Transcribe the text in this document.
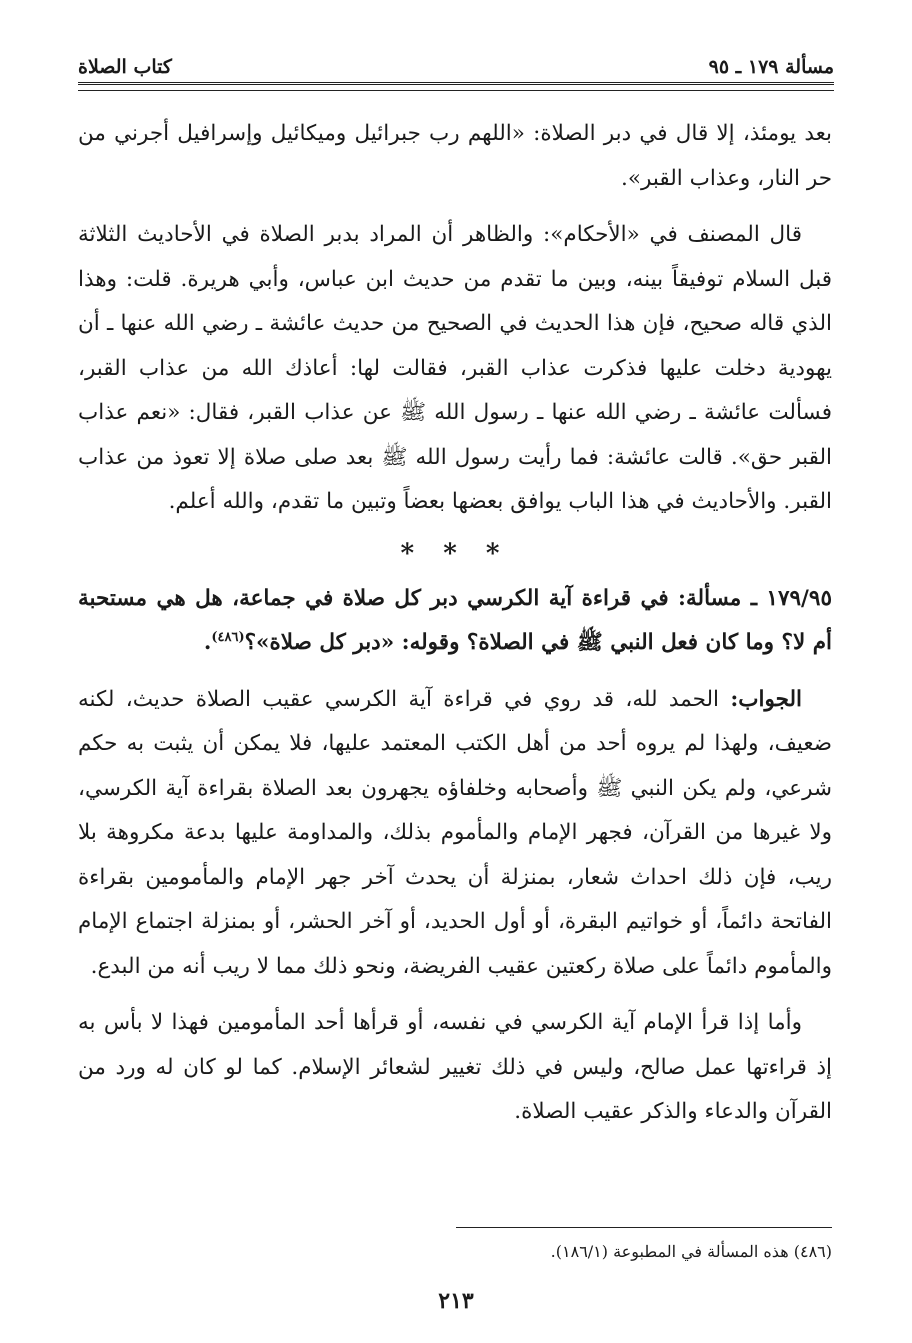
مسألة ١٧٩ ـ ٩٥
كتاب الصلاة

بعد يومئذ، إلا قال في دبر الصلاة: «اللهم رب جبرائيل وميكائيل وإسرافيل أجرني من حر النار، وعذاب القبر».

قال المصنف في «الأحكام»: والظاهر أن المراد بدبر الصلاة في الأحاديث الثلاثة قبل السلام توفيقاً بينه، وبين ما تقدم من حديث ابن عباس، وأبي هريرة. قلت: وهذا الذي قاله صحيح، فإن هذا الحديث في الصحيح من حديث عائشة ـ رضي الله عنها ـ أن يهودية دخلت عليها فذكرت عذاب القبر، فقالت لها: أعاذك الله من عذاب القبر، فسألت عائشة ـ رضي الله عنها ـ رسول الله ﷺ عن عذاب القبر، فقال: «نعم عذاب القبر حق». قالت عائشة: فما رأيت رسول الله ﷺ بعد صلى صلاة إلا تعوذ من عذاب القبر. والأحاديث في هذا الباب يوافق بعضها بعضاً وتبين ما تقدم، والله أعلم.

* * *

١٧٩/٩٥ ـ مسألة: في قراءة آية الكرسي دبر كل صلاة في جماعة، هل هي مستحبة أم لا؟ وما كان فعل النبي ﷺ في الصلاة؟ وقوله: «دبر كل صلاة»؟$^{(٤٨٦)}$.

الجواب: الحمد لله، قد روي في قراءة آية الكرسي عقيب الصلاة حديث، لكنه ضعيف، ولهذا لم يروه أحد من أهل الكتب المعتمد عليها، فلا يمكن أن يثبت به حكم شرعي، ولم يكن النبي ﷺ وأصحابه وخلفاؤه يجهرون بعد الصلاة بقراءة آية الكرسي، ولا غيرها من القرآن، فجهر الإمام والمأموم بذلك، والمداومة عليها بدعة مكروهة بلا ريب، فإن ذلك احداث شعار، بمنزلة أن يحدث آخر جهر الإمام والمأمومين بقراءة الفاتحة دائماً، أو خواتيم البقرة، أو أول الحديد، أو آخر الحشر، أو بمنزلة اجتماع الإمام والمأموم دائماً على صلاة ركعتين عقيب الفريضة، ونحو ذلك مما لا ريب أنه من البدع.

وأما إذا قرأ الإمام آية الكرسي في نفسه، أو قرأها أحد المأمومين فهذا لا بأس به إذ قراءتها عمل صالح، وليس في ذلك تغيير لشعائر الإسلام. كما لو كان له ورد من القرآن والدعاء والذكر عقيب الصلاة.

(٤٨٦) هذه المسألة في المطبوعة (١٨٦/١).
٢١٣
